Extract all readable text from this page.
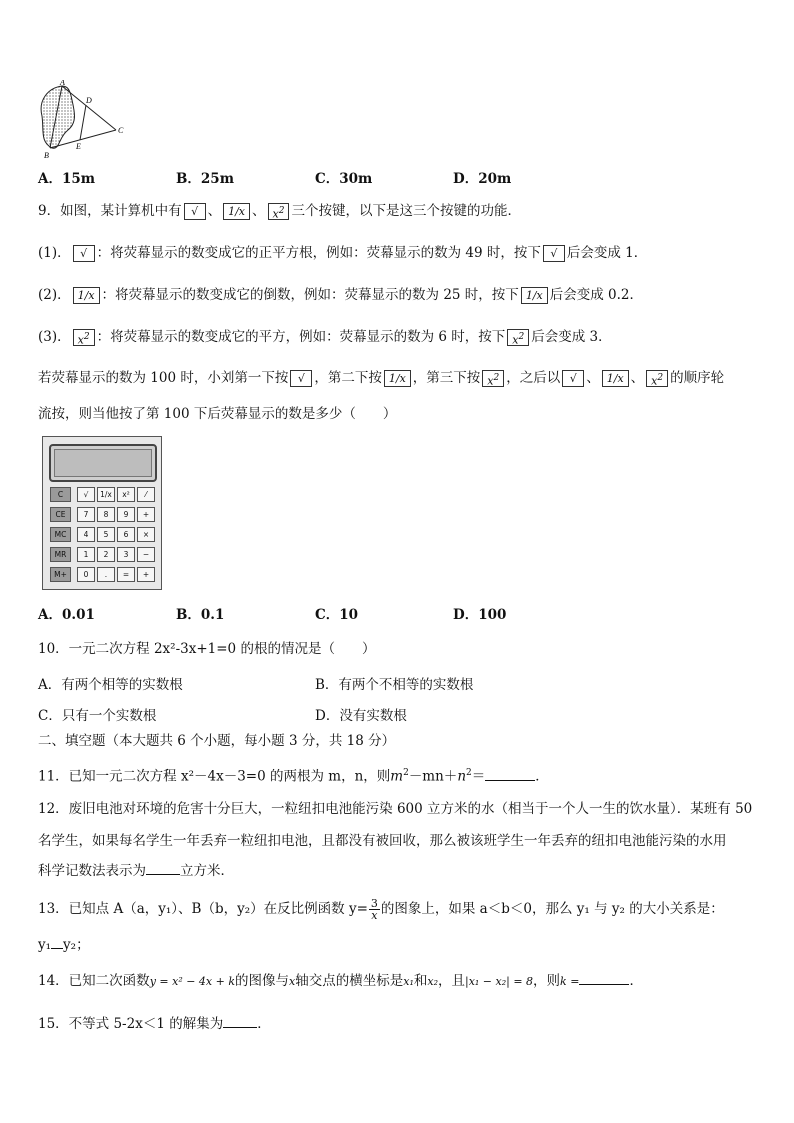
A
B
C
D
E
A．15m	B．25m	C．30m	D．20m
9．如图，某计算机中有 √ 、 1/x 、 $x^2$ 三个按键，以下是这三个按键的功能．
(1)． √ ：将荧幕显示的数变成它的正平方根，例如：荧幕显示的数为 49 时，按下 √ 后会变成 1．
(2)． 1/x ：将荧幕显示的数变成它的倒数，例如：荧幕显示的数为 25 时，按下 1/x 后会变成 0.2．
(3)． $x^2$ ：将荧幕显示的数变成它的平方，例如：荧幕显示的数为 6 时，按下 $x^2$ 后会变成 3．
若荧幕显示的数为 100 时，小刘第一下按 √ ，第二下按 1/x ，第三下按 $x^2$ ，之后以 √ 、 1/x 、 $x^2$ 的顺序轮
流按，则当他按了第 100 下后荧幕显示的数是多少（　　）
C	√	1/x	x²	⁄
CE	7	8	9	+
MC	4	5	6	×
MR	1	2	3	−
M+	0	.	=	+
A．0.01	B．0.1	C．10	D．100
10．一元二次方程 2x²-3x+1=0 的根的情况是（　　）
A．有两个相等的实数根	B．有两个不相等的实数根
C．只有一个实数根	D．没有实数根
二、填空题（本大题共 6 个小题，每小题 3 分，共 18 分）
11．已知一元二次方程 x²－4x－3=0 的两根为 m，n，则$m^2-mn+n^2=$	．
12．废旧电池对环境的危害十分巨大，一粒纽扣电池能污染 600 立方米的水（相当于一个人一生的饮水量）．某班有 50
名学生，如果每名学生一年丢弃一粒纽扣电池，且都没有被回收，那么被该班学生一年丢弃的纽扣电池能污染的水用
科学记数法表示为	立方米．
13．已知点 A（a，y₁）、B（b，y₂）在反比例函数 $y= \frac{3}{x}$ 的图象上，如果 a＜b＜0，那么 y₁ 与 y₂ 的大小关系是：
y₁ y₂；
14．已知二次函数y = x² − 4x + k的图像与x轴交点的横坐标是x₁和x₂，且|x₁ − x₂| = 8，则k =	．
15．不等式 5-2x＜1 的解集为	．
